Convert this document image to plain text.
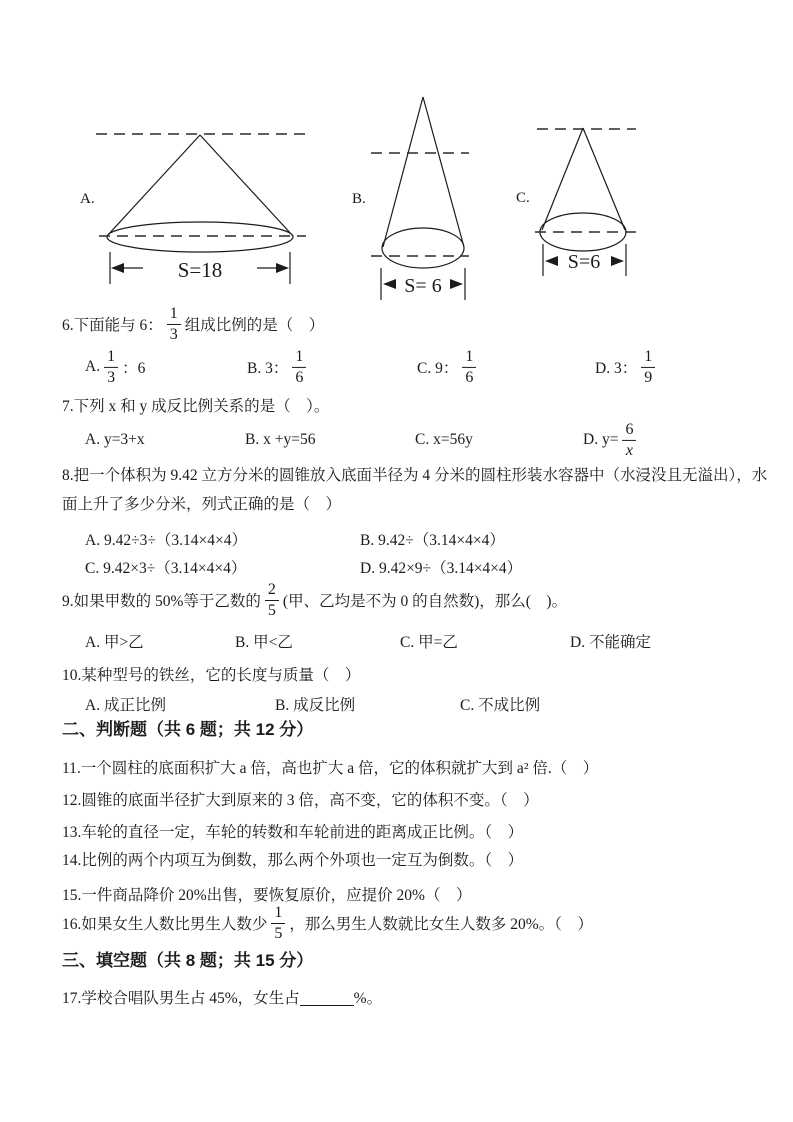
A.
S=18
B.
S= 6
C.
S=6
6.下面能与 6： $\frac{1}{3}$ 组成比例的是（　）
A. $\frac{1}{3}$ ：6	B. 3： $\frac{1}{6}$	C. 9： $\frac{1}{6}$	D. 3： $\frac{1}{9}$
7.下列 x 和 y 成反比例关系的是（　）。
A. y=3+x	B. x +y=56	C. x=56y	D. $y= \frac{6}{x}$
8.把一个体积为 9.42 立方分米的圆锥放入底面半径为 4 分米的圆柱形装水容器中（水浸没且无溢出），水
面上升了多少分米，列式正确的是（　）
A. 9.42÷3÷（3.14×4×4）	B. 9.42÷（3.14×4×4）
C. 9.42×3÷（3.14×4×4）	D. 9.42×9÷（3.14×4×4）
9.如果甲数的 50%等于乙数的 $\frac{2}{5}$ (甲、乙均是不为 0 的自然数)，那么(　)。
A. 甲>乙	B. 甲<乙	C. 甲=乙	D. 不能确定
10.某种型号的铁丝，它的长度与质量（　）
A. 成正比例	B. 成反比例	C. 不成比例
二、判断题（共 6 题；共 12 分）
11.一个圆柱的底面积扩大 a 倍，高也扩大 a 倍，它的体积就扩大到 a² 倍.（　）
12.圆锥的底面半径扩大到原来的 3 倍，高不变，它的体积不变。（　）
13.车轮的直径一定，车轮的转数和车轮前进的距离成正比例。（　）
14.比例的两个内项互为倒数，那么两个外项也一定互为倒数。（　）
15.一件商品降价 20%出售，要恢复原价，应提价 20%（　）
16.如果女生人数比男生人数少 $\frac{1}{5}$ ，那么男生人数就比女生人数多 20%。（　）
三、填空题（共 8 题；共 15 分）
17.学校合唱队男生占 45%，女生占	%。
